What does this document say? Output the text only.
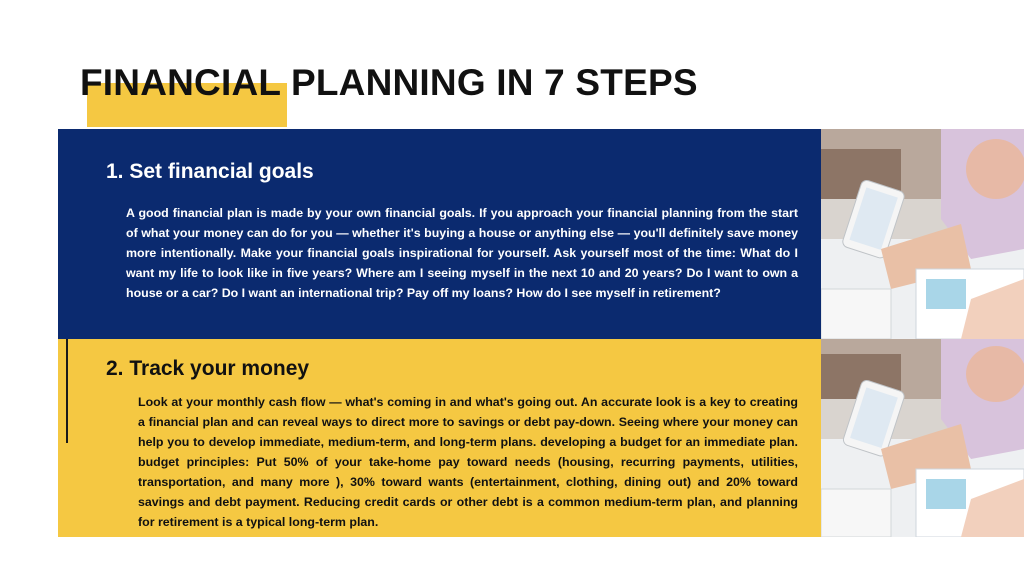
FINANCIAL PLANNING IN 7 STEPS
1. Set financial goals

A good financial plan is made by your own financial goals. If you approach your financial planning from the start of what your money can do for you — whether it's buying a house or anything else — you'll definitely save money more intentionally. Make your financial goals inspirational for yourself. Ask yourself most of the time: What do I want my life to look like in five years? Where am I seeing myself in the next 10 and 20 years? Do I want to own a house or a car? Do I want an international trip? Pay off my loans? How do I see myself in retirement?

2. Track your money

Look at your monthly cash flow — what's coming in and what's going out. An accurate look is a key to creating a financial plan and can reveal ways to direct more to savings or debt pay-down. Seeing where your money can help you to develop immediate, medium-term, and long-term plans. developing a budget for an immediate plan. budget principles: Put 50% of your take-home pay toward needs (housing, recurring payments, utilities, transportation, and many more ), 30% toward wants (entertainment, clothing, dining out) and 20% toward savings and debt payment. Reducing credit cards or other debt is a common medium-term plan, and planning for retirement is a typical long-term plan.
